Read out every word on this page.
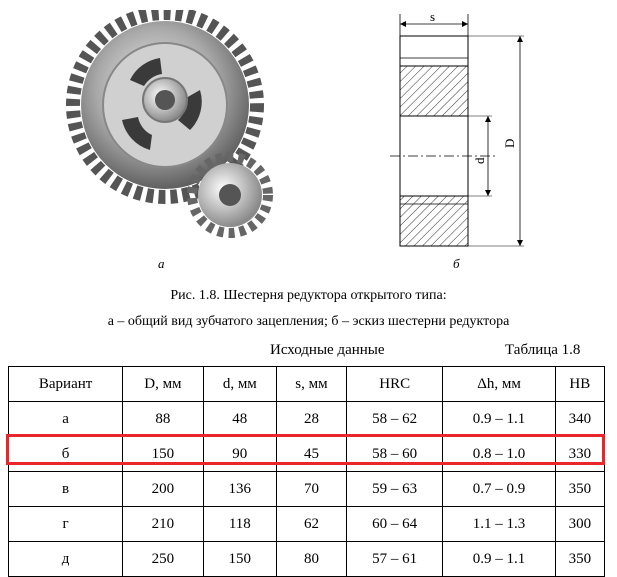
а
s
d
D
б
Рис. 1.8. Шестерня редуктора открытого типа:
а – общий вид зубчатого зацепления; б – эскиз шестерни редуктора
Исходные данные	Таблица 1.8
Вариант	D, мм	d, мм	s, мм	HRC	Δh, мм	HB
а	88	48	28	58 – 62	0.9 – 1.1	340
б	150	90	45	58 – 60	0.8 – 1.0	330
в	200	136	70	59 – 63	0.7 – 0.9	350
г	210	118	62	60 – 64	1.1 – 1.3	300
д	250	150	80	57 – 61	0.9 – 1.1	350
